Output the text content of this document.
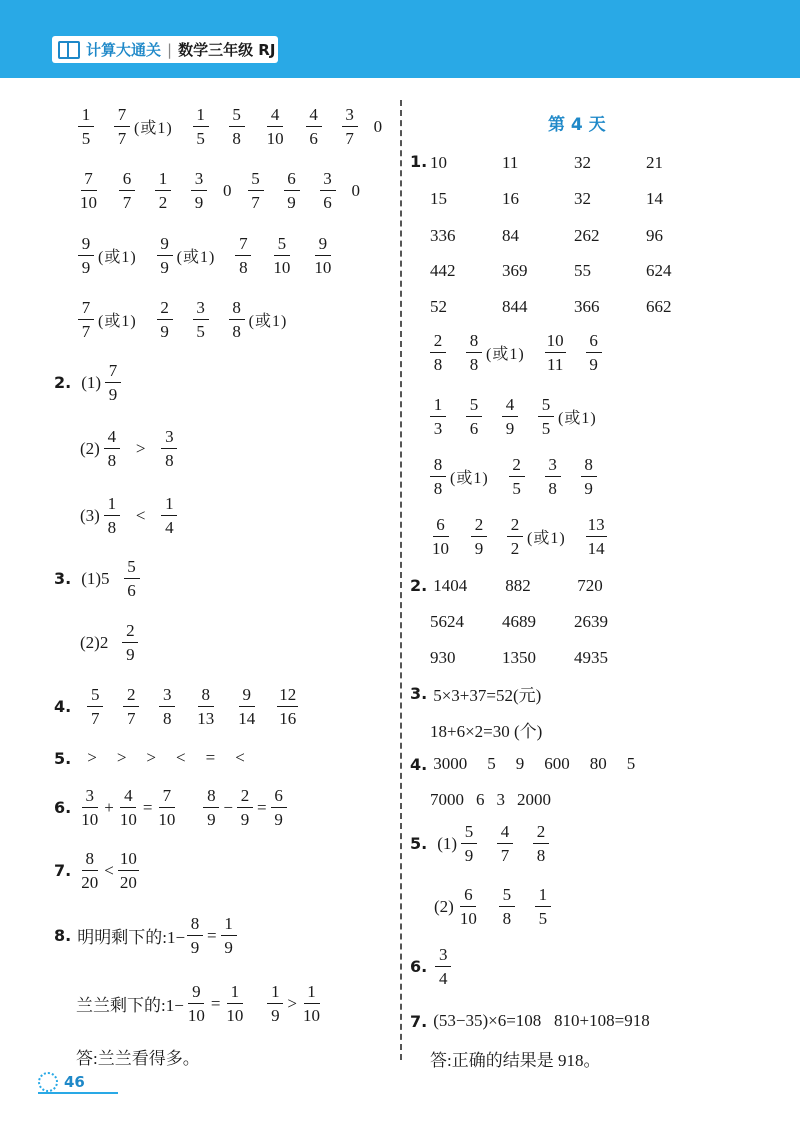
计算大通关 | 数学三年级 RJ
$\frac{1}{5} \frac{7}{7}$ (或$1) \frac{1}{5} \frac{5}{8} \frac{4}{10} \frac{4}{6} \frac{3}{7} 0$
$\frac{7}{10} \frac{6}{7} \frac{1}{2} \frac{3}{9} 0 \frac{5}{7} \frac{6}{9} \frac{3}{6} 0$
$\frac{9}{9}$ (或$1) \frac{9}{9}$ (或$1) \frac{7}{8} \frac{5}{10} \frac{9}{10}$
$\frac{7}{7}$ (或$1) \frac{2}{9} \frac{3}{5} \frac{8}{8}$ (或1)
2. $(1) \frac{7}{9}$
$(2) \frac{4}{8} > \frac{3}{8}$
$(3) \frac{1}{8} < \frac{1}{4}$
3. $(1)5 \frac{5}{6}$
$(2)2 \frac{2}{9}$
4. $\frac{5}{7} \frac{2}{7} \frac{3}{8} \frac{8}{13} \frac{9}{14} \frac{12}{16}$
5. > > > < = <
6. $\frac{3}{10} + \frac{4}{10} = \frac{7}{10} \frac{8}{9} - \frac{2}{9} = \frac{6}{9}$
7. $\frac{8}{20} < \frac{10}{20}$
8. 明明剩下的:1− $\frac{8}{9} = \frac{1}{9}$
兰兰剩下的:1− $\frac{9}{10} = \frac{1}{10} \frac{1}{9} > \frac{1}{10}$
答:兰兰看得多。
第 4 天
1. 10	11	32	21
15	16	32	14
336	84	262	96
442	369	55	624
52	844	366	662
$\frac{2}{8} \frac{8}{8}$ (或$1) \frac{10}{11} \frac{6}{9}$
$\frac{1}{3} \frac{5}{6} \frac{4}{9} \frac{5}{5}$ (或1)
$\frac{8}{8}$ (或$1) \frac{2}{5} \frac{3}{8} \frac{8}{9}$
$\frac{6}{10} \frac{2}{9} \frac{2}{2}$ (或$1) \frac{13}{14}$
2. 1404	882	720
5624	4689	2639
930	1350	4935
3. 5×3+37=52(元)
18+6×2=30 (个)
4. 3000 5 9 600 80 5
7000 6 3 2000
5. $(1) \frac{5}{9} \frac{4}{7} \frac{2}{8}$
$(2) \frac{6}{10} \frac{5}{8} \frac{1}{5}$
6. $\frac{3}{4}$
7. (53−35)×6=108   810+108=918
答:正确的结果是 918。
46
